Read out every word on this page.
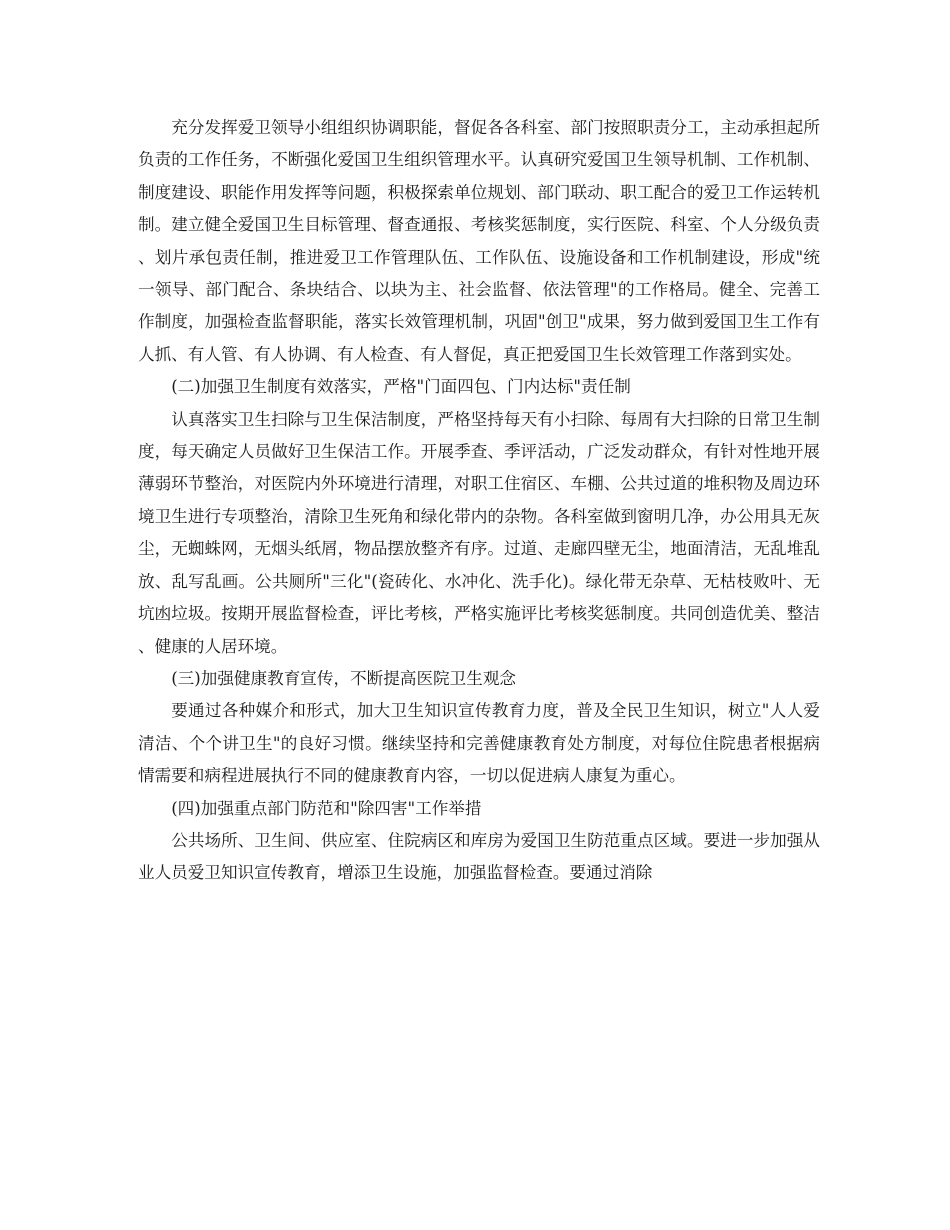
充分发挥爱卫领导小组组织协调职能，督促各各科室、部门按照职责分工，主动承担起所负责的工作任务，不断强化爱国卫生组织管理水平。认真研究爱国卫生领导机制、工作机制、制度建设、职能作用发挥等问题，积极探索单位规划、部门联动、职工配合的爱卫工作运转机制。建立健全爱国卫生目标管理、督查通报、考核奖惩制度，实行医院、科室、个人分级负责、划片承包责任制，推进爱卫工作管理队伍、工作队伍、设施设备和工作机制建设，形成"统一领导、部门配合、条块结合、以块为主、社会监督、依法管理"的工作格局。健全、完善工作制度，加强检查监督职能，落实长效管理机制，巩固"创卫"成果，努力做到爱国卫生工作有人抓、有人管、有人协调、有人检查、有人督促，真正把爱国卫生长效管理工作落到实处。

(二)加强卫生制度有效落实，严格"门面四包、门内达标"责任制

认真落实卫生扫除与卫生保洁制度，严格坚持每天有小扫除、每周有大扫除的日常卫生制度，每天确定人员做好卫生保洁工作。开展季查、季评活动，广泛发动群众，有针对性地开展薄弱环节整治，对医院内外环境进行清理，对职工住宿区、车棚、公共过道的堆积物及周边环境卫生进行专项整治，清除卫生死角和绿化带内的杂物。各科室做到窗明几净，办公用具无灰尘，无蜘蛛网，无烟头纸屑，物品摆放整齐有序。过道、走廊四壁无尘，地面清洁，无乱堆乱放、乱写乱画。公共厕所"三化"(瓷砖化、水冲化、洗手化)。绿化带无杂草、无枯枝败叶、无坑凼垃圾。按期开展监督检查，评比考核，严格实施评比考核奖惩制度。共同创造优美、整洁、健康的人居环境。

(三)加强健康教育宣传，不断提高医院卫生观念

要通过各种媒介和形式，加大卫生知识宣传教育力度，普及全民卫生知识，树立"人人爱清洁、个个讲卫生"的良好习惯。继续坚持和完善健康教育处方制度，对每位住院患者根据病情需要和病程进展执行不同的健康教育内容，一切以促进病人康复为重心。

(四)加强重点部门防范和"除四害"工作举措

公共场所、卫生间、供应室、住院病区和库房为爱国卫生防范重点区域。要进一步加强从业人员爱卫知识宣传教育，增添卫生设施，加强监督检查。要通过消除
